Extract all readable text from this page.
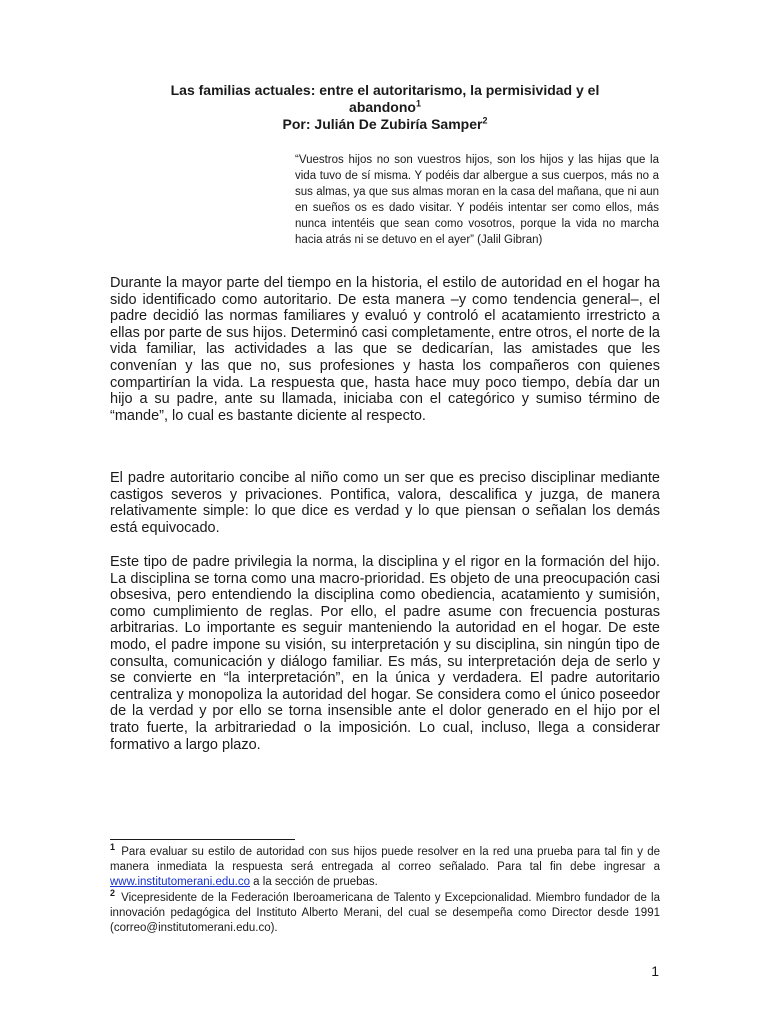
Las familias actuales: entre el autoritarismo, la permisividad y el
abandono$^1$
Por: Julián De Zubiría Samper$^2$
“Vuestros hijos no son vuestros hijos, son los hijos y las hijas que la vida tuvo de sí misma. Y podéis dar albergue a sus cuerpos, más no a sus almas, ya que sus almas moran en la casa del mañana, que ni aun en sueños os es dado visitar. Y podéis intentar ser como ellos, más nunca intentéis que sean como vosotros, porque la vida no marcha hacia atrás ni se detuvo en el ayer” (Jalil Gibran)

Durante la mayor parte del tiempo en la historia, el estilo de autoridad en el hogar ha sido identificado como autoritario. De esta manera –y como tendencia general–, el padre decidió las normas familiares y evaluó y controló el acatamiento irrestricto a ellas por parte de sus hijos. Determinó casi completamente, entre otros, el norte de la vida familiar, las actividades a las que se dedicarían, las amistades que les convenían y las que no, sus profesiones y hasta los compañeros con quienes compartirían la vida. La respuesta que, hasta hace muy poco tiempo, debía dar un hijo a su padre, ante su llamada, iniciaba con el categórico y sumiso término de “mande”, lo cual es bastante diciente al respecto.

El padre autoritario concibe al niño como un ser que es preciso disciplinar mediante castigos severos y privaciones. Pontifica, valora, descalifica y juzga, de manera relativamente simple: lo que dice es verdad y lo que piensan o señalan los demás está equivocado.

Este tipo de padre privilegia la norma, la disciplina y el rigor en la formación del hijo. La disciplina se torna como una macro-prioridad. Es objeto de una preocupación casi obsesiva, pero entendiendo la disciplina como obediencia, acatamiento y sumisión, como cumplimiento de reglas. Por ello, el padre asume con frecuencia posturas arbitrarias. Lo importante es seguir manteniendo la autoridad en el hogar. De este modo, el padre impone su visión, su interpretación y su disciplina, sin ningún tipo de consulta, comunicación y diálogo familiar. Es más, su interpretación deja de serlo y se convierte en “la interpretación”, en la única y verdadera. El padre autoritario centraliza y monopoliza la autoridad del hogar. Se considera como el único poseedor de la verdad y por ello se torna insensible ante el dolor generado en el hijo por el trato fuerte, la arbitrariedad o la imposición. Lo cual, incluso, llega a considerar formativo a largo plazo.

$^1$ Para evaluar su estilo de autoridad con sus hijos puede resolver en la red una prueba para tal fin y de manera inmediata la respuesta será entregada al correo señalado. Para tal fin debe ingresar a www.institutomerani.edu.co a la sección de pruebas.

$^2$ Vicepresidente de la Federación Iberoamericana de Talento y Excepcionalidad. Miembro fundador de la innovación pedagógica del Instituto Alberto Merani, del cual se desempeña como Director desde 1991 (correo@institutomerani.edu.co).

1
